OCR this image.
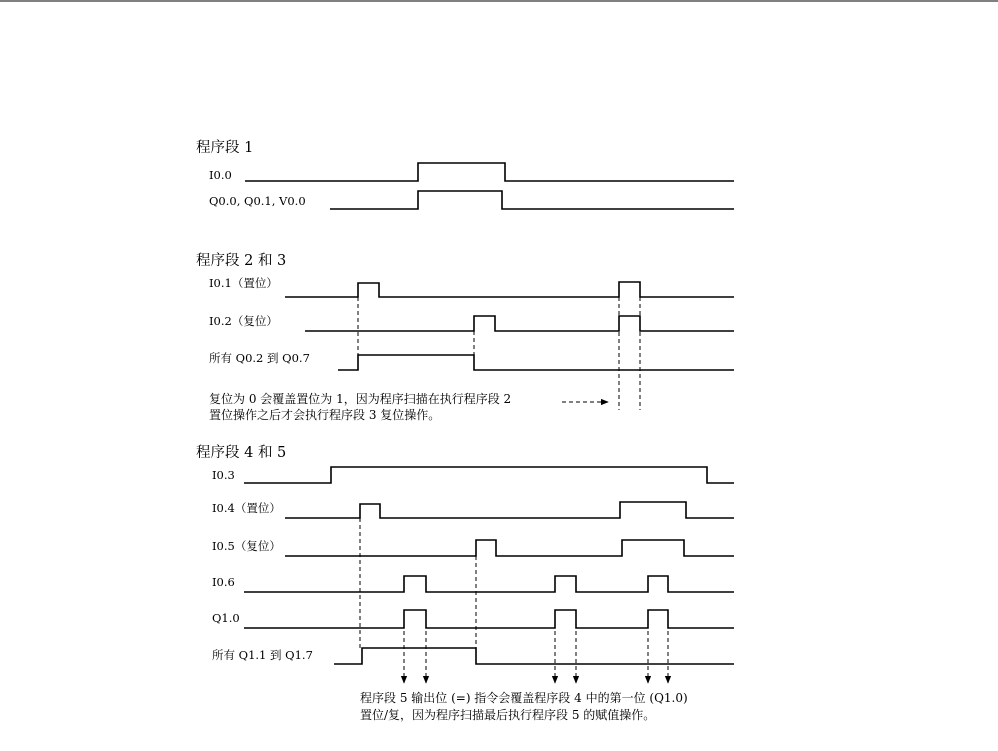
程序段 1
I0.0
Q0.0, Q0.1, V0.0
程序段 2 和 3
I0.1（置位）
I0.2（复位）
所有 Q0.2 到 Q0.7
复位为 0 会覆盖置位为 1，因为程序扫描在执行程序段 2
置位操作之后才会执行程序段 3 复位操作。
程序段 4 和 5
I0.3
I0.4（置位）
I0.5（复位）
I0.6
Q1.0
所有 Q1.1 到 Q1.7
程序段 5 输出位 (=) 指令会覆盖程序段 4 中的第一位 (Q1.0)
置位/复，因为程序扫描最后执行程序段 5 的赋值操作。
